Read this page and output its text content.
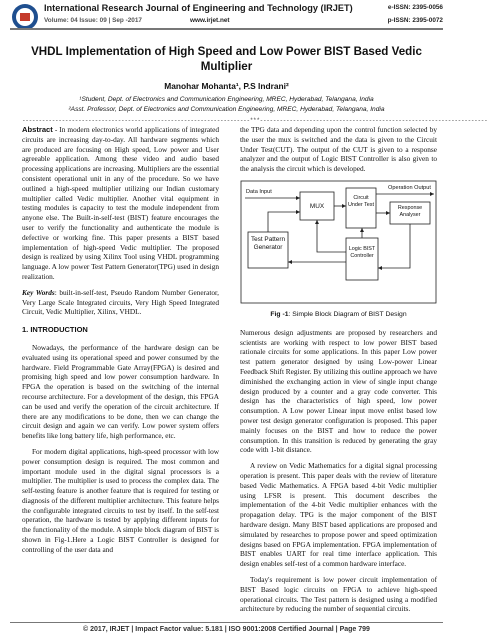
International Research Journal of Engineering and Technology (IRJET)
Volume: 04 Issue: 09 | Sep -2017	www.irjet.net
e-ISSN: 2395-0056
p-ISSN: 2395-0072
VHDL Implementation of High Speed and Low Power BIST Based Vedic Multiplier
Manohar Mohanta¹, P.S Indrani²
¹Student, Dept. of Electronics and Communication Engineering, MREC, Hyderabad, Telangana, India
²Asst. Professor, Dept. of Electronics and Communication Engineering, MREC, Hyderabad, Telangana, India
---------------------------------------------------------------------***---------------------------------------------------------------------

Abstract - In modern electronics world applications of integrated circuits are increasing day-to-day. All hardware segments which are produced are focusing on High speed, Low power and User agreeable application. Among these video and audio based processing applications are increasing. Multipliers are the essential consistent operational unit in any of the procedure. So we have outlined a high-speed multiplier utilizing our Indian customary multiplier called Vedic multiplier. Another vital equipment in testing modules is capacity to test the module independent from anyone else. The Built-in-self-test (BIST) feature encourages the user to verify the functionality and authenticate the module is defective or working fine. This paper presents a BIST based implementation of high-speed Vedic multiplier. The proposed design is realized by using Xilinx Tool using VHDL programming language. A low power Test Pattern Generator(TPG) used in design realization.

Key Words: built-in-self-test, Pseudo Random Number Generator, Very Large Scale Integrated circuits, Very High Speed Integrated Circuit, Vedic Multiplier, Xilinx, VHDL.

1. INTRODUCTION

Nowadays, the performance of the hardware design can be evaluated using its operational speed and power consumed by the hardware. Field Programmable Gate Array(FPGA) is desired and promising high speed and low power consumption hardware. In FPGA the operation is based on the switching of the internal recourse architecture. For a development of the design, this FPGA can be used and verify the operation of the circuit architecture. If there are any modifications to be done, then we can change the circuit design and again we can verify. Low power system offers benefits like long battery life, high performance, etc.

For modern digital applications, high-speed processor with low power consumption design is required. The most common and important module used in the digital signal processors is a multiplier. The multiplier is used to process the complex data. The self-testing feature is another feature that is required for testing or diagnosis of the different multiplier architecture. This feature helps the configurable integrated circuits to test by itself. In the self-test operation, the hardware is tested by applying different inputs for the functionality of the module. A simple block diagram of BIST is shown in Fig-1.Here a Logic BIST Controller is designed for controlling of the user data and

the TPG data and depending upon the control function selected by the user the mux is switched and the data is given to the Circuit Under Test(CUT). The output of the CUT is given to a response analyzer and the output of Logic BIST Controller is also given to the analysis the circuit which is developed.

Data Input
MUX
Operation Output
Circuit Under Test	Response Analyser
Test Pattern Generator	Logic BIST Controller
Fig -1: Simple Block Diagram of BIST Design

Numerous design adjustments are proposed by researchers and scientists are working with respect to low power BIST based rationale circuits for some applications. In this paper Low power test pattern generator designed by using Low-power Linear Feedback Shift Register. By utilizing this outline approach we have diminished the exchanging action in view of single input change design produced by a counter and a gray code converter. This design has the characteristics of high speed, low power consumption. A Low power Linear input move enlist based low power test design generator configuration is proposed. This paper mainly focuses on the BIST and how to reduce the power consumption. In this transition is reduced by generating the gray code with 1-bit distance.

A review on Vedic Mathematics for a digital signal processing operation is present. This paper deals with the review of literature based Vedic Mathematics. A FPGA based 4-bit Vedic multiplier using LFSR is present. This document describes the implementation of the 4-bit Vedic multiplier enhances with the propagation delay. TPG is the major component of the BIST hardware design. Many BIST based applications are proposed and simulated by researches to propose power and speed optimization designs based on FPGA implementation. FPGA implementation of BIST enables UART for real time interface application. This design enables self-test of a common hardware interface.

Today's requirement is low power circuit implementation of BIST Based logic circuits on FPGA to achieve high-speed operational circuits. The Test pattern is designed using a modified architecture by reducing the number of sequential circuits.

© 2017, IRJET | Impact Factor value: 5.181 | ISO 9001:2008 Certified Journal | Page 799
